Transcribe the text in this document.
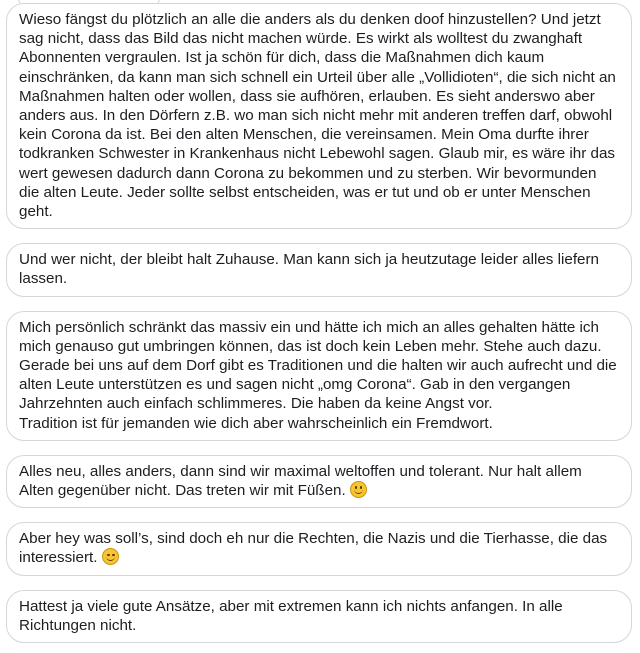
Wieso fängst du plötzlich an alle die anders als du denken doof hinzustellen? Und jetzt sag nicht, dass das Bild das nicht machen würde. Es wirkt als wolltest du zwanghaft Abonnenten vergraulen. Ist ja schön für dich, dass die Maßnahmen dich kaum einschränken, da kann man sich schnell ein Urteil über alle „Vollidioten“, die sich nicht an Maßnahmen halten oder wollen, dass sie aufhören, erlauben. Es sieht anderswo aber anders aus. In den Dörfern z.B. wo man sich nicht mehr mit anderen treffen darf, obwohl kein Corona da ist. Bei den alten Menschen, die vereinsamen. Mein Oma durfte ihrer todkranken Schwester in Krankenhaus nicht Lebewohl sagen. Glaub mir, es wäre ihr das wert gewesen dadurch dann Corona zu bekommen und zu sterben. Wir bevormunden die alten Leute. Jeder sollte selbst entscheiden, was er tut und ob er unter Menschen geht.
Und wer nicht, der bleibt halt Zuhause. Man kann sich ja heutzutage leider alles liefern lassen.
Mich persönlich schränkt das massiv ein und hätte ich mich an alles gehalten hätte ich mich genauso gut umbringen können, das ist doch kein Leben mehr. Stehe auch dazu. Gerade bei uns auf dem Dorf gibt es Traditionen und die halten wir auch aufrecht und die alten Leute unterstützen es und sagen nicht „omg Corona“. Gab in den vergangen Jahrzehnten auch einfach schlimmeres. Die haben da keine Angst vor.
Tradition ist für jemanden wie dich aber wahrscheinlich ein Fremdwort.
Alles neu, alles anders, dann sind wir maximal weltoffen und tolerant. Nur halt allem Alten gegenüber nicht. Das treten wir mit Füßen.
Aber hey was soll’s, sind doch eh nur die Rechten, die Nazis und die Tierhasse, die das interessiert.
Hattest ja viele gute Ansätze, aber mit extremen kann ich nichts anfangen. In alle Richtungen nicht.
